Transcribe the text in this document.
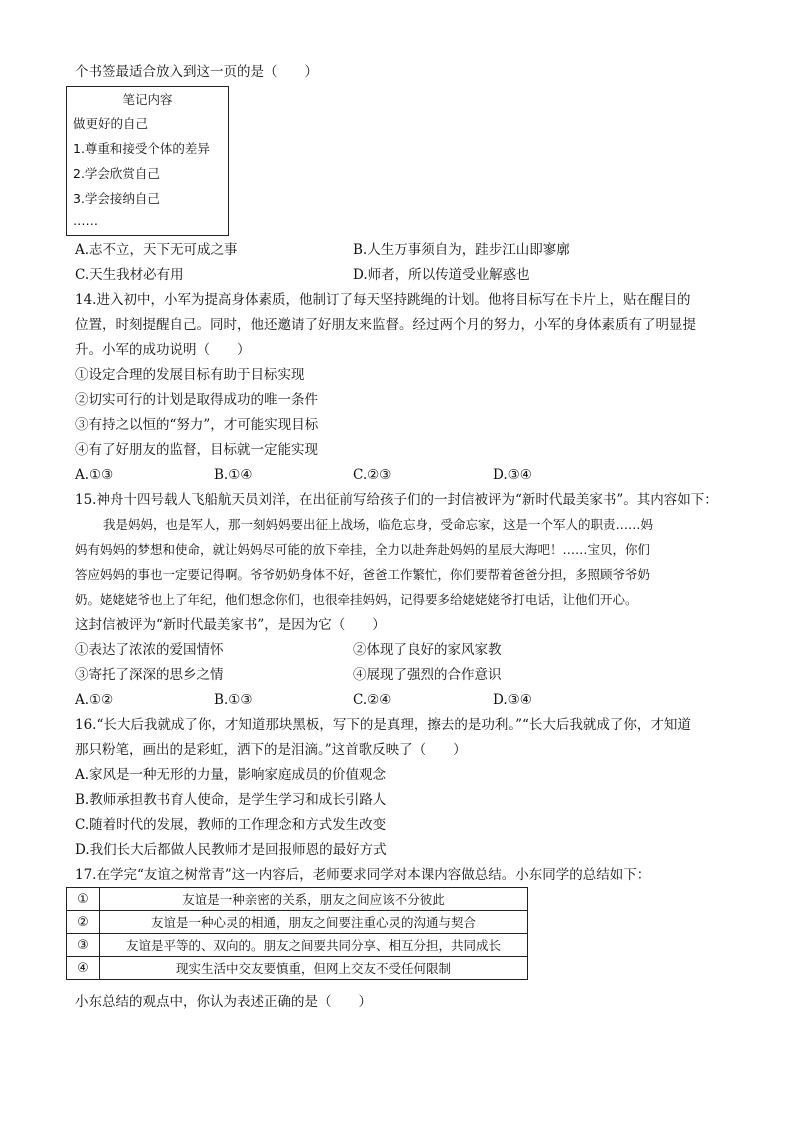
个书签最适合放入到这一页的是（　　）
笔记内容
做更好的自己
1.尊重和接受个体的差异
2.学会欣赏自己
3.学会接纳自己
……
A.志不立，天下无可成之事	B.人生万事须自为，跬步江山即寥廓
C.天生我材必有用	D.师者，所以传道受业解惑也
14.进入初中，小军为提高身体素质，他制订了每天坚持跳绳的计划。他将目标写在卡片上，贴在醒目的
位置，时刻提醒自己。同时，他还邀请了好朋友来监督。经过两个月的努力，小军的身体素质有了明显提
升。小军的成功说明（　　）
①设定合理的发展目标有助于目标实现
②切实可行的计划是取得成功的唯一条件
③有持之以恒的“努力”，才可能实现目标
④有了好朋友的监督，目标就一定能实现
A.①③	B.①④	C.②③	D.③④
15.神舟十四号载人飞船航天员刘洋，在出征前写给孩子们的一封信被评为“新时代最美家书”。其内容如下：
我是妈妈，也是军人，那一刻妈妈要出征上战场，临危忘身，受命忘家，这是一个军人的职责……妈
妈有妈妈的梦想和使命，就让妈妈尽可能的放下牵挂，全力以赴奔赴妈妈的星辰大海吧！……宝贝，你们
答应妈妈的事也一定要记得啊。爷爷奶奶身体不好，爸爸工作繁忙，你们要帮着爸爸分担，多照顾爷爷奶
奶。姥姥姥爷也上了年纪，他们想念你们，也很牵挂妈妈，记得要多给姥姥姥爷打电话，让他们开心。
这封信被评为“新时代最美家书”，是因为它（　　）
①表达了浓浓的爱国情怀	②体现了良好的家风家教
③寄托了深深的思乡之情	④展现了强烈的合作意识
A.①②	B.①③	C.②④	D.③④
16.“长大后我就成了你，才知道那块黑板，写下的是真理，擦去的是功利。”“长大后我就成了你，才知道
那只粉笔，画出的是彩虹，洒下的是泪滴。”这首歌反映了（　　）
A.家风是一种无形的力量，影响家庭成员的价值观念
B.教师承担教书育人使命，是学生学习和成长引路人
C.随着时代的发展，教师的工作理念和方式发生改变
D.我们长大后都做人民教师才是回报师恩的最好方式
17.在学完“友谊之树常青”这一内容后，老师要求同学对本课内容做总结。小东同学的总结如下：
①	友谊是一种亲密的关系，朋友之间应该不分彼此
②	友谊是一种心灵的相通，朋友之间要注重心灵的沟通与契合
③	友谊是平等的、双向的。朋友之间要共同分享、相互分担，共同成长
④	现实生活中交友要慎重，但网上交友不受任何限制
小东总结的观点中，你认为表述正确的是（　　）
